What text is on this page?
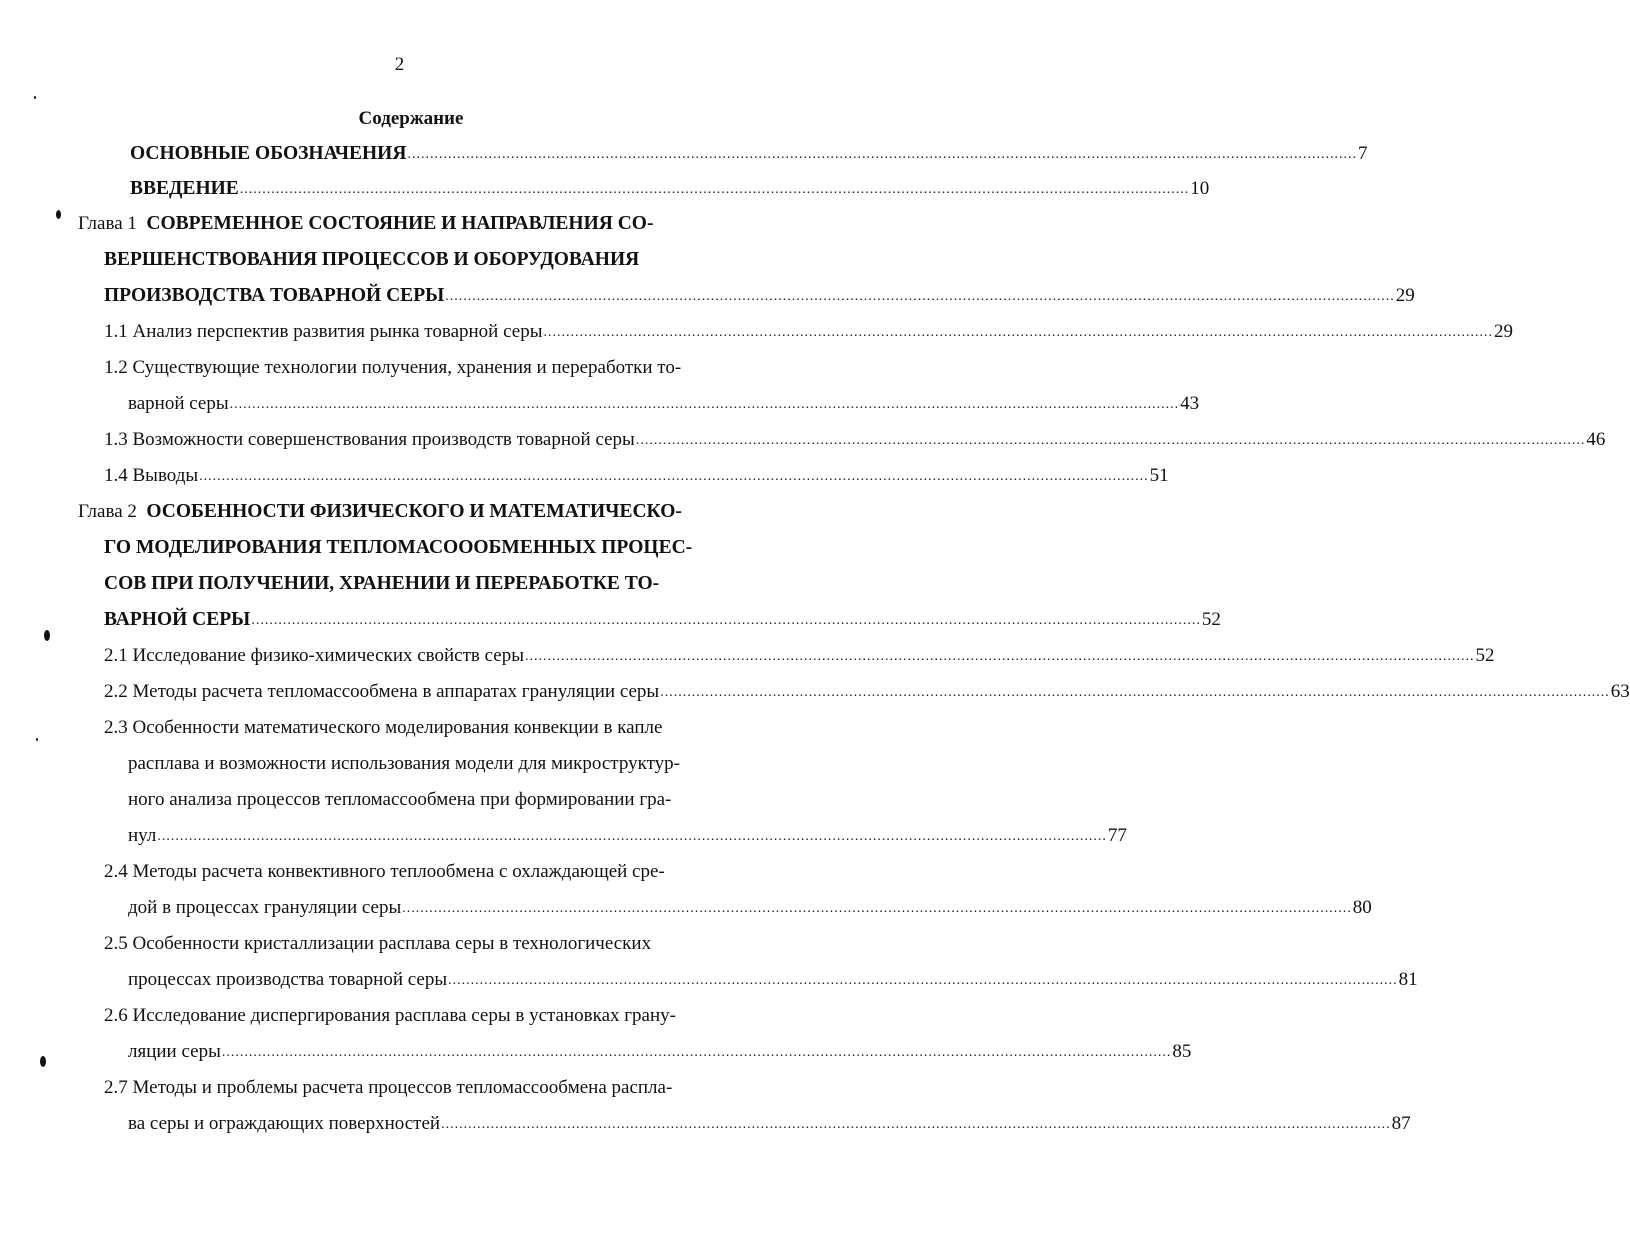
2
Содержание
ОСНОВНЫЕ ОБОЗНАЧЕНИЯ ................................................................................................................................................................................................................... 7
ВВЕДЕНИЕ ................................................................................................................................................................................................................... 10
Глава 1 СОВРЕМЕННОЕ СОСТОЯНИЕ И НАПРАВЛЕНИЯ СО-
ВЕРШЕНСТВОВАНИЯ ПРОЦЕССОВ И ОБОРУДОВАНИЯ
ПРОИЗВОДСТВА ТОВАРНОЙ СЕРЫ ................................................................................................................................................................................................................... 29
1.1 Анализ перспектив развития рынка товарной серы ................................................................................................................................................................................................................... 29
1.2 Существующие технологии получения, хранения и переработки то-
варной серы ................................................................................................................................................................................................................... 43
1.3 Возможности совершенствования производств товарной серы ................................................................................................................................................................................................................... 46
1.4 Выводы ................................................................................................................................................................................................................... 51
Глава 2 ОСОБЕННОСТИ ФИЗИЧЕСКОГО И МАТЕМАТИЧЕСКО-
ГО МОДЕЛИРОВАНИЯ ТЕПЛОМАСОООБМЕННЫХ ПРОЦЕС-
СОВ ПРИ ПОЛУЧЕНИИ, ХРАНЕНИИ И ПЕРЕРАБОТКЕ ТО-
ВАРНОЙ СЕРЫ ................................................................................................................................................................................................................... 52
2.1 Исследование физико-химических свойств серы ................................................................................................................................................................................................................... 52
2.2 Методы расчета тепломассообмена в аппаратах грануляции серы ................................................................................................................................................................................................................... 63
2.3 Особенности математического моделирования конвекции в капле
расплава и возможности использования модели для микроструктур-
ного анализа процессов тепломассообмена при формировании гра-
нул ................................................................................................................................................................................................................... 77
2.4 Методы расчета конвективного теплообмена с охлаждающей сре-
дой в процессах грануляции серы ................................................................................................................................................................................................................... 80
2.5 Особенности кристаллизации расплава серы в технологических
процессах производства товарной серы ................................................................................................................................................................................................................... 81
2.6 Исследование диспергирования расплава серы в установках грану-
ляции серы ................................................................................................................................................................................................................... 85
2.7 Методы и проблемы расчета процессов тепломассообмена распла-
ва серы и ограждающих поверхностей ................................................................................................................................................................................................................... 87
